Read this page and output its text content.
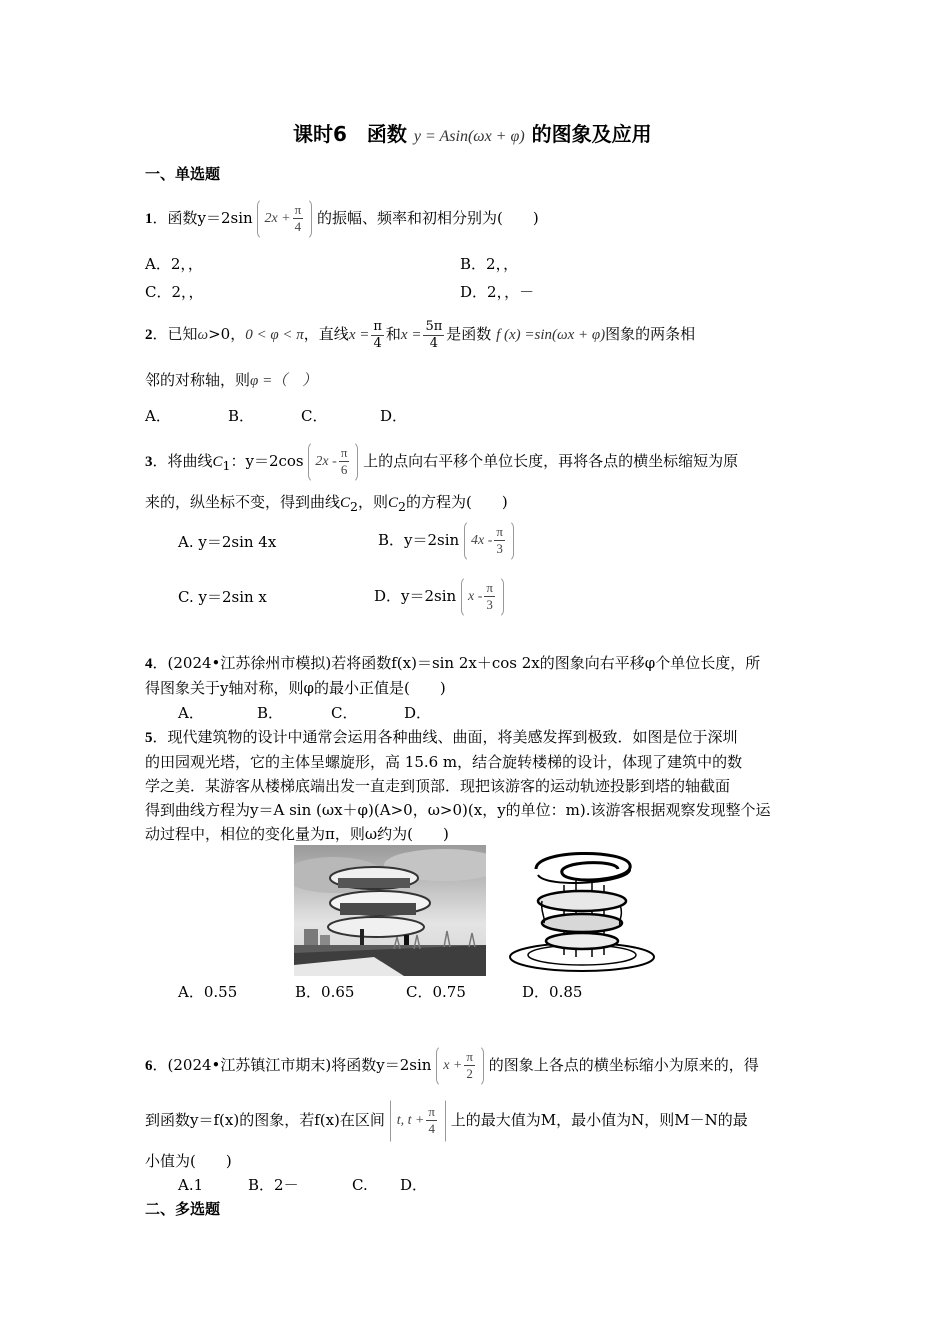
课时6　函数 y = Asin(ωx + φ) 的图象及应用
一、单选题
1．函数y＝2sin $2x + \frac{\pi}{4}$ 的振幅、频率和初相分别为(　　)
A．2，，	B．2，，
C．2，，	D．2，，－
2．已知ω>0，0 < φ < π，直线$x = \frac{\pi}{4}$ 和$x = \frac{5\pi}{4}$ 是函数 f (x) =sin(ωx + φ)图象的两条相
邻的对称轴，则φ =（　）
A．	B．	C．	D．
3．将曲线$C_1$：y＝2cos $2x - \frac{\pi}{6}$ 上的点向右平移个单位长度，再将各点的横坐标缩短为原
来的，纵坐标不变，得到曲线$C_2$，则$C_2$的方程为(　　)
A. y＝2sin 4x	B．y＝2sin $4x - \frac{\pi}{3}$
C. y＝2sin x	D．y＝2sin x - $\frac{\pi}{3}$
4．(2024•江苏徐州市模拟)若将函数f(x)＝sin 2x＋cos 2x的图象向右平移φ个单位长度，所
得图象关于y轴对称，则φ的最小正值是(　　)
A．	B．	C．	D．
5．现代建筑物的设计中通常会运用各种曲线、曲面，将美感发挥到极致．如图是位于深圳
的田园观光塔，它的主体呈螺旋形，高 15.6 m，结合旋转楼梯的设计，体现了建筑中的数
学之美．某游客从楼梯底端出发一直走到顶部．现把该游客的运动轨迹投影到塔的轴截面
得到曲线方程为y＝A sin (ωx＋φ)(A>0，ω>0)(x，y的单位：m).该游客根据观察发现整个运
动过程中，相位的变化量为π，则ω约为(　　)
A．0.55	B．0.65	C．0.75	D．0.85
6．(2024•江苏镇江市期末)将函数y＝2sin $x + \frac{\pi}{2}$ 的图象上各点的横坐标缩小为原来的，得
到函数y＝f(x)的图象，若f(x)在区间 t, $t + \frac{\pi}{4}$ 上的最大值为M，最小值为N，则M－N的最
小值为(　　)
A.1	B．2－	C. D．
二、多选题
